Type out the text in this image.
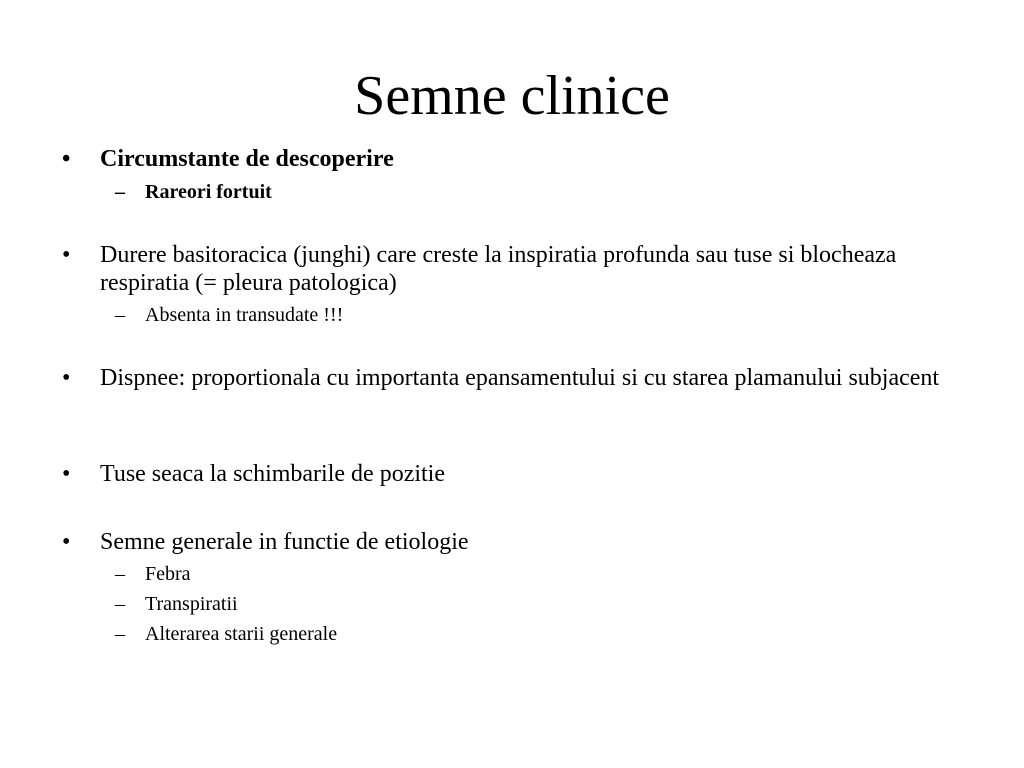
Semne clinice
• Circumstante de descoperire
– Rareori fortuit
• Durere basitoracica (junghi) care creste la inspiratia profunda sau tuse si blocheaza respiratia (= pleura patologica)
– Absenta in transudate !!!
• Dispnee: proportionala cu importanta epansamentului si cu starea plamanului subjacent
• Tuse seaca la schimbarile de pozitie
• Semne generale in functie de etiologie
– Febra
– Transpiratii
– Alterarea starii generale
